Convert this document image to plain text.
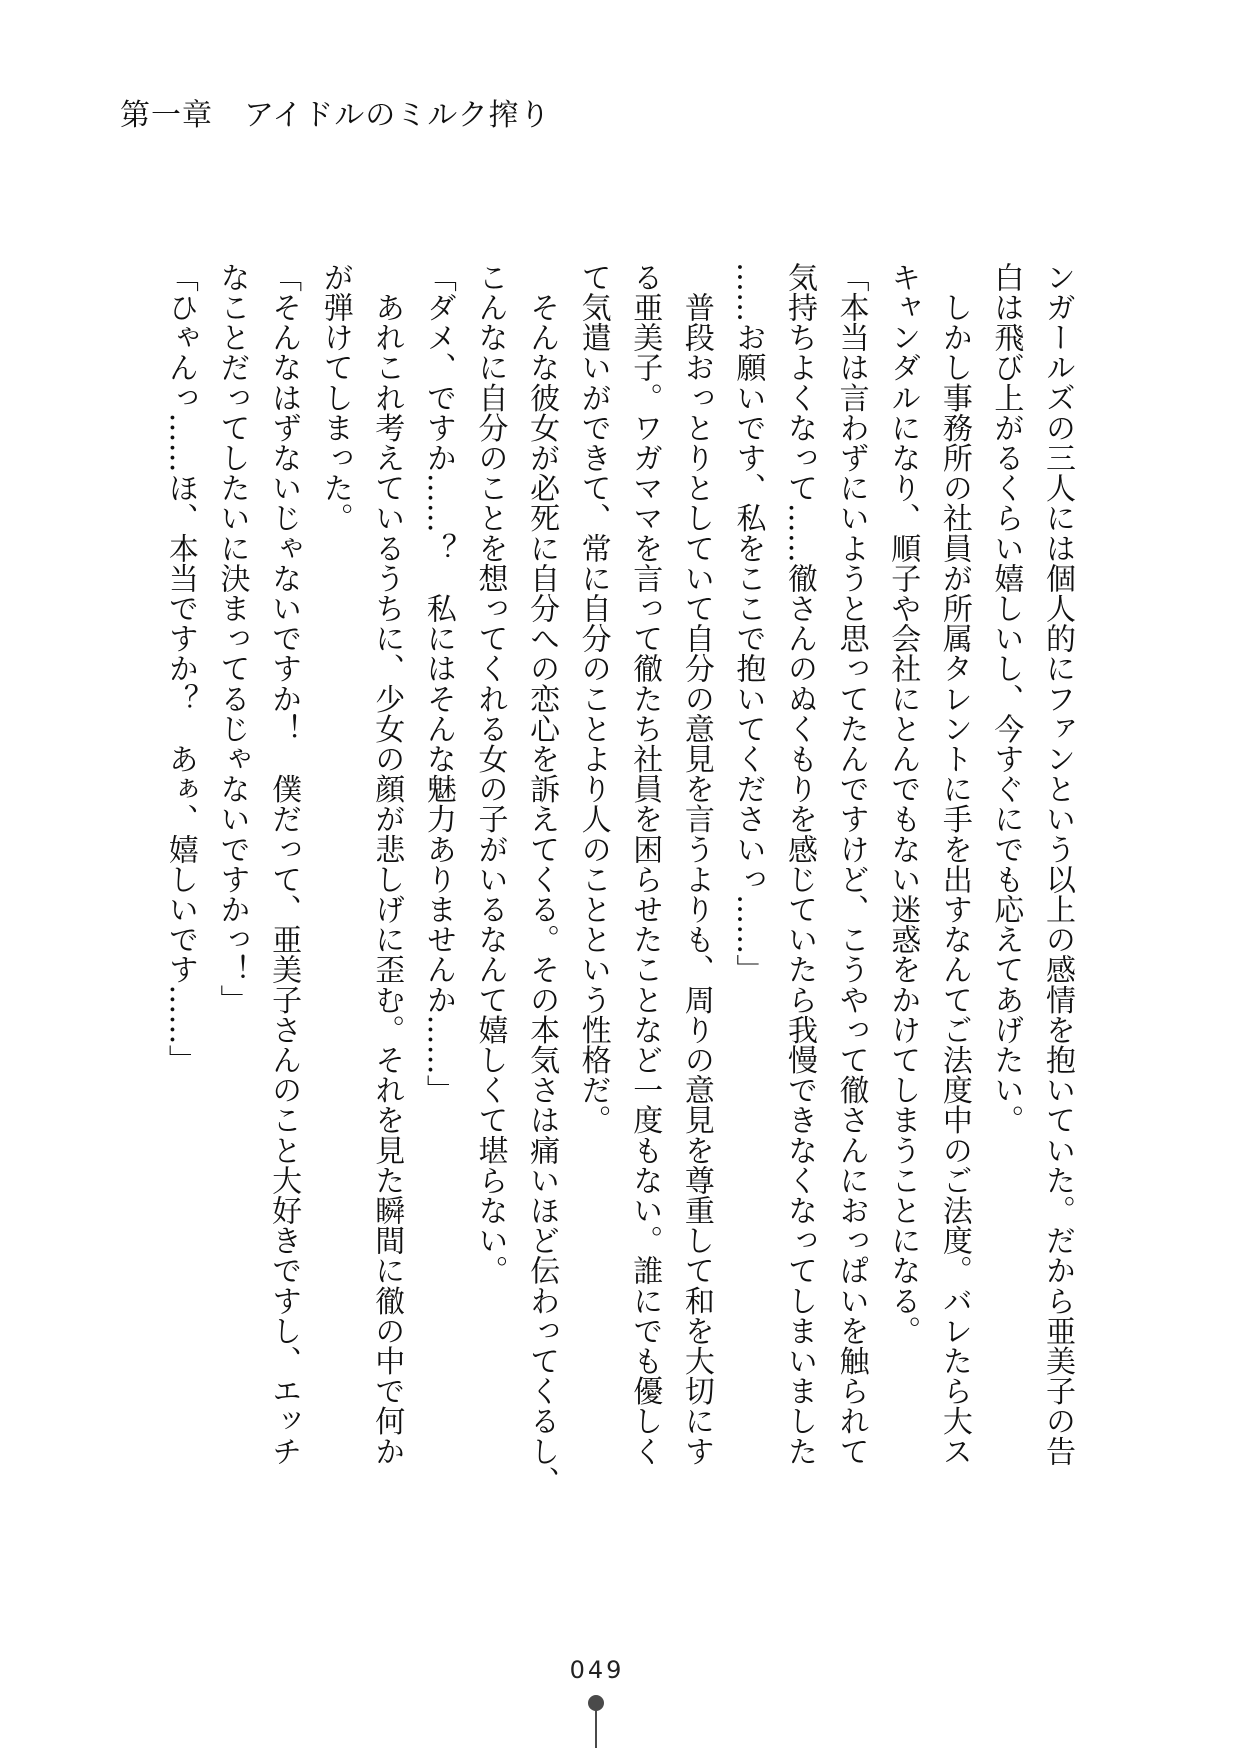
第一章　アイドルのミルク搾り
ンガールズの三人には個人的にファンという以上の感情を抱いていた。だから亜美子の告
白は飛び上がるくらい嬉しいし、今すぐにでも応えてあげたい。
　しかし事務所の社員が所属タレントに手を出すなんてご法度中のご法度。バレたら大ス
キャンダルになり、順子や会社にとんでもない迷惑をかけてしまうことになる。
「本当は言わずにいようと思ってたんですけど、こうやって徹さんにおっぱいを触られて
気持ちよくなって……徹さんのぬくもりを感じていたら我慢できなくなってしまいました
……お願いです、私をここで抱いてくださいっ……」
　普段おっとりとしていて自分の意見を言うよりも、周りの意見を尊重して和を大切にす
る亜美子。ワガママを言って徹たち社員を困らせたことなど一度もない。誰にでも優しく
て気遣いができて、常に自分のことより人のことという性格だ。
　そんな彼女が必死に自分への恋心を訴えてくる。その本気さは痛いほど伝わってくるし、
こんなに自分のことを想ってくれる女の子がいるなんて嬉しくて堪らない。
「ダメ、ですか……？　私にはそんな魅力ありませんか……」
　あれこれ考えているうちに、少女の顔が悲しげに歪む。それを見た瞬間に徹の中で何か
が弾けてしまった。
「そんなはずないじゃないですか！　僕だって、亜美子さんのこと大好きですし、エッチ
なことだってしたいに決まってるじゃないですかっ！」
「ひゃんっ……ほ、本当ですか？　あぁ、嬉しいです……」
049
